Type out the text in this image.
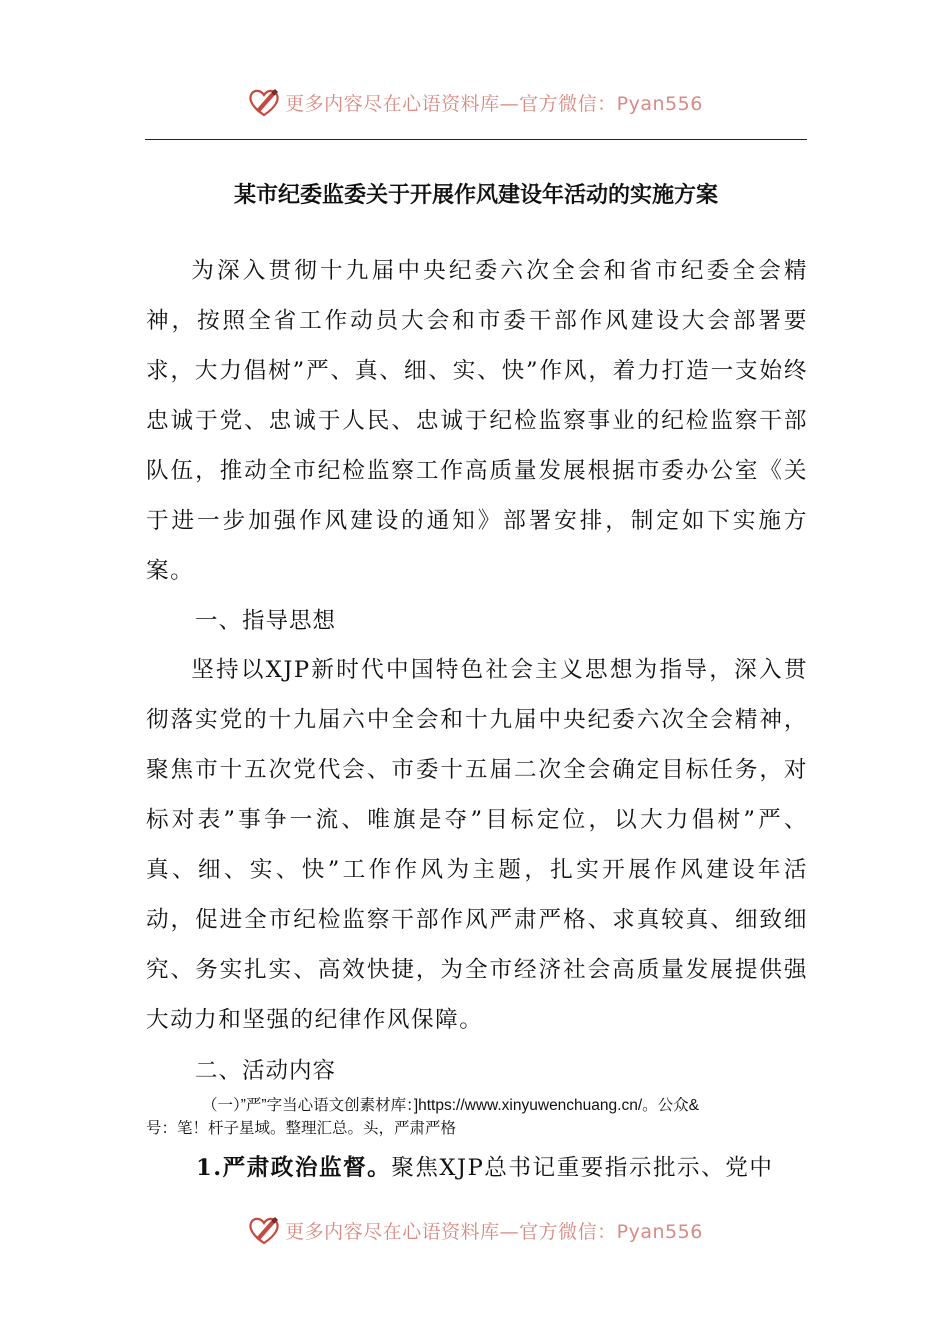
更多内容尽在心语资料库—官方微信：Pyan556
某市纪委监委关于开展作风建设年活动的实施方案
为深入贯彻十九届中央纪委六次全会和省市纪委全会精神，按照全省工作动员大会和市委干部作风建设大会部署要求，大力倡树”严、真、细、实、快”作风，着力打造一支始终忠诚于党、忠诚于人民、忠诚于纪检监察事业的纪检监察干部队伍，推动全市纪检监察工作高质量发展根据市委办公室《关于进一步加强作风建设的通知》部署安排，制定如下实施方案。
一、指导思想
坚持以XJP新时代中国特色社会主义思想为指导，深入贯彻落实党的十九届六中全会和十九届中央纪委六次全会精神，聚焦市十五次党代会、市委十五届二次全会确定目标任务，对标对表”事争一流、唯旗是夺”目标定位，以大力倡树”严、真、细、实、快”工作作风为主题，扎实开展作风建设年活动，促进全市纪检监察干部作风严肃严格、求真较真、细致细究、务实扎实、高效快捷，为全市经济社会高质量发展提供强大动力和坚强的纪律作风保障。
二、活动内容
（一）”严”字当心语文创素材库：]https://www.xinyuwenchuang.cn/。公众&
号：笔！杆子星域。整理汇总。头，严肃严格
1.严肃政治监督。聚焦XJP总书记重要指示批示、党中
更多内容尽在心语资料库—官方微信：Pyan556
